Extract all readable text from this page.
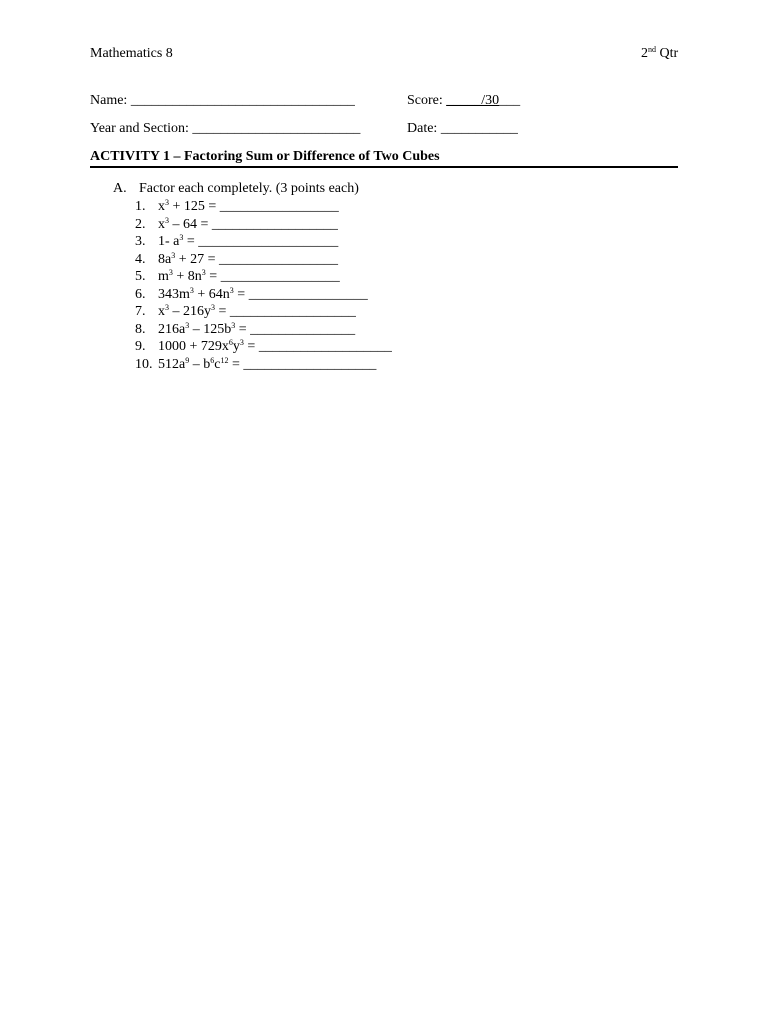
Mathematics 8	2nd Qtr
Name: ________________________________	Score: _____/30___
Year and Section: ________________________	Date: ___________
ACTIVITY 1 – Factoring Sum or Difference of Two Cubes
A. Factor each completely. (3 points each)
1. $x^3 + 125$ = _________________
2. $x^3 - 64$ = __________________
3. 1- $a^3$ = ____________________
4. $8a^3 + 27$ = _________________
5. $m^3 + 8n^3$ = _________________
6. $343m^3 + 64n^3$ = _________________
7. $x^3 - 216y^3$ = __________________
8. $216a^3 - 125b^3$ = _______________
9. $1000 + 729x^6y^3$ = ___________________
10. $512a^9 - b^6c^{12}$ = ___________________
